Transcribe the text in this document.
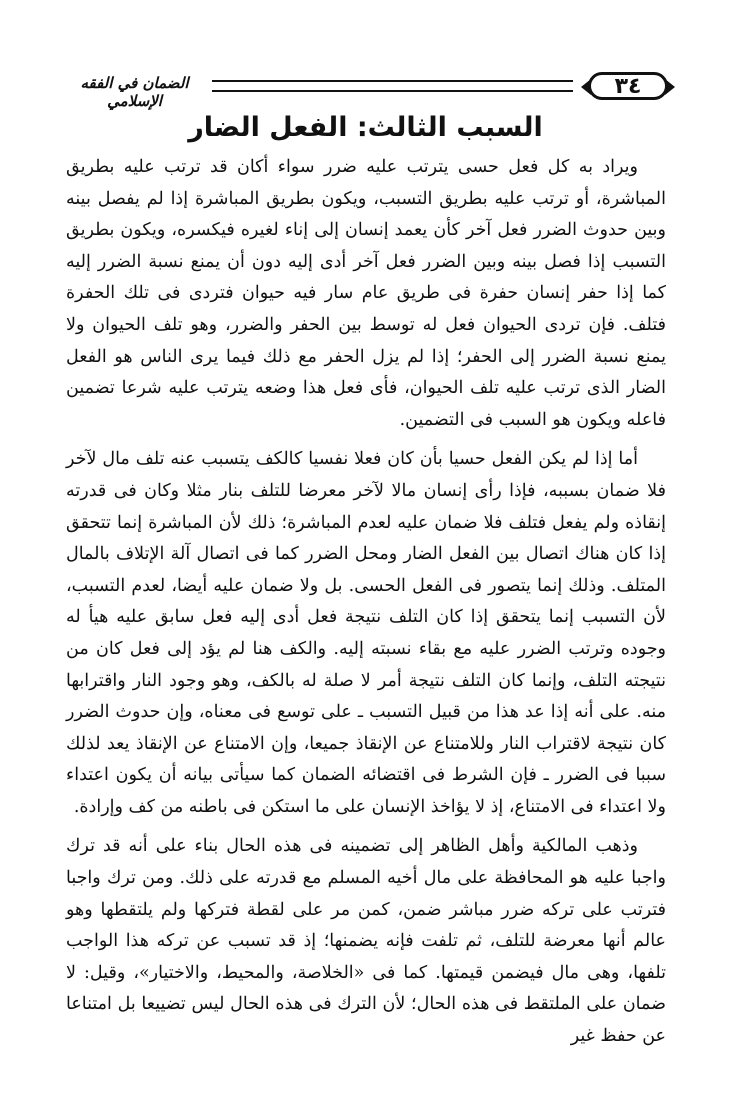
٣٤
الضمان في الفقه الإسلامي
السبب الثالث: الفعل الضار

ويراد به كل فعل حسى يترتب عليه ضرر سواء أكان قد ترتب عليه بطريق المباشرة، أو ترتب عليه بطريق التسبب، ويكون بطريق المباشرة إذا لم يفصل بينه وبين حدوث الضرر فعل آخر كأن يعمد إنسان إلى إناء لغيره فيكسره، ويكون بطريق التسبب إذا فصل بينه وبين الضرر فعل آخر أدى إليه دون أن يمنع نسبة الضرر إليه كما إذا حفر إنسان حفرة فى طريق عام سار فيه حيوان فتردى فى تلك الحفرة فتلف. فإن تردى الحيوان فعل له توسط بين الحفر والضرر، وهو تلف الحيوان ولا يمنع نسبة الضرر إلى الحفر؛ إذا لم يزل الحفر مع ذلك فيما يرى الناس هو الفعل الضار الذى ترتب عليه تلف الحيوان، فأى فعل هذا وضعه يترتب عليه شرعا تضمين فاعله ويكون هو السبب فى التضمين.

أما إذا لم يكن الفعل حسيا بأن كان فعلا نفسيا كالكف يتسبب عنه تلف مال لآخر فلا ضمان بسببه، فإذا رأى إنسان مالا لآخر معرضا للتلف بنار مثلا وكان فى قدرته إنقاذه ولم يفعل فتلف فلا ضمان عليه لعدم المباشرة؛ ذلك لأن المباشرة إنما تتحقق إذا كان هناك اتصال بين الفعل الضار ومحل الضرر كما فى اتصال آلة الإتلاف بالمال المتلف. وذلك إنما يتصور فى الفعل الحسى. بل ولا ضمان عليه أيضا، لعدم التسبب، لأن التسبب إنما يتحقق إذا كان التلف نتيجة فعل أدى إليه فعل سابق عليه هيأ له وجوده وترتب الضرر عليه مع بقاء نسبته إليه. والكف هنا لم يؤد إلى فعل كان من نتيجته التلف، وإنما كان التلف نتيجة أمر لا صلة له بالكف، وهو وجود النار واقترابها منه. على أنه إذا عد هذا من قبيل التسبب ـ على توسع فى معناه، وإن حدوث الضرر كان نتيجة لاقتراب النار وللامتناع عن الإنقاذ جميعا، وإن الامتناع عن الإنقاذ يعد لذلك سببا فى الضرر ـ فإن الشرط فى اقتضائه الضمان كما سيأتى بيانه أن يكون اعتداء ولا اعتداء فى الامتناع، إذ لا يؤاخذ الإنسان على ما استكن فى باطنه من كف وإرادة.

وذهب المالكية وأهل الظاهر إلى تضمينه فى هذه الحال بناء على أنه قد ترك واجبا عليه هو المحافظة على مال أخيه المسلم مع قدرته على ذلك. ومن ترك واجبا فترتب على تركه ضرر مباشر ضمن، كمن مر على لقطة فتركها ولم يلتقطها وهو عالم أنها معرضة للتلف، ثم تلفت فإنه يضمنها؛ إذ قد تسبب عن تركه هذا الواجب تلفها، وهى مال فيضمن قيمتها. كما فى «الخلاصة، والمحيط، والاختيار»، وقيل: لا ضمان على الملتقط فى هذه الحال؛ لأن الترك فى هذه الحال ليس تضييعا بل امتناعا عن حفظ غير
